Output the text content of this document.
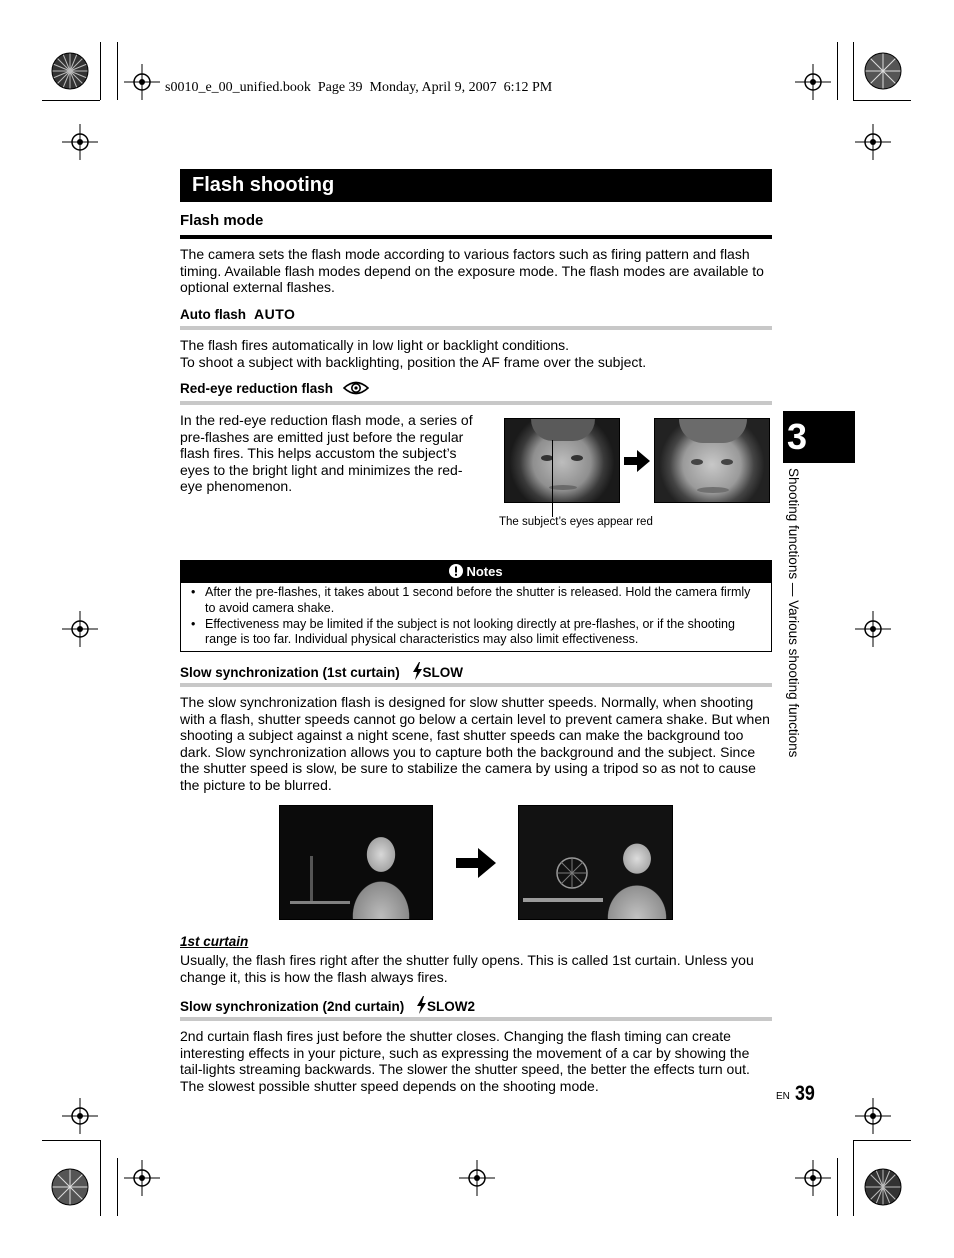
s0010_e_00_unified.book  Page 39  Monday, April 9, 2007  6:12 PM
Flash shooting
Flash mode
The camera sets the flash mode according to various factors such as firing pattern and flash timing. Available flash modes depend on the exposure mode. The flash modes are available to optional external flashes.
Auto flash AUTO
The flash fires automatically in low light or backlight conditions.
To shoot a subject with backlighting, position the AF frame over the subject.
Red-eye reduction flash
In the red-eye reduction flash mode, a series of pre-flashes are emitted just before the regular flash fires. This helps accustom the subject’s eyes to the bright light and minimizes the red-eye phenomenon.
The subject’s eyes appear red
Notes
• After the pre-flashes, it takes about 1 second before the shutter is released. Hold the camera firmly to avoid camera shake.
• Effectiveness may be limited if the subject is not looking directly at pre-flashes, or if the shooting range is too far. Individual physical characteristics may also limit effectiveness.
Slow synchronization (1st curtain) SLOW
The slow synchronization flash is designed for slow shutter speeds. Normally, when shooting with a flash, shutter speeds cannot go below a certain level to prevent camera shake. But when shooting a subject against a night scene, fast shutter speeds can make the background too dark. Slow synchronization allows you to capture both the background and the subject. Since the shutter speed is slow, be sure to stabilize the camera by using a tripod so as not to cause the picture to be blurred.
1st curtain
Usually, the flash fires right after the shutter fully opens. This is called 1st curtain. Unless you change it, this is how the flash always fires.
Slow synchronization (2nd curtain) SLOW2
2nd curtain flash fires just before the shutter closes. Changing the flash timing can create interesting effects in your picture, such as expressing the movement of a car by showing the tail-lights streaming backwards. The slower the shutter speed, the better the effects turn out. The slowest possible shutter speed depends on the shooting mode.
3
Shooting functions — Various shooting functions
EN 39
